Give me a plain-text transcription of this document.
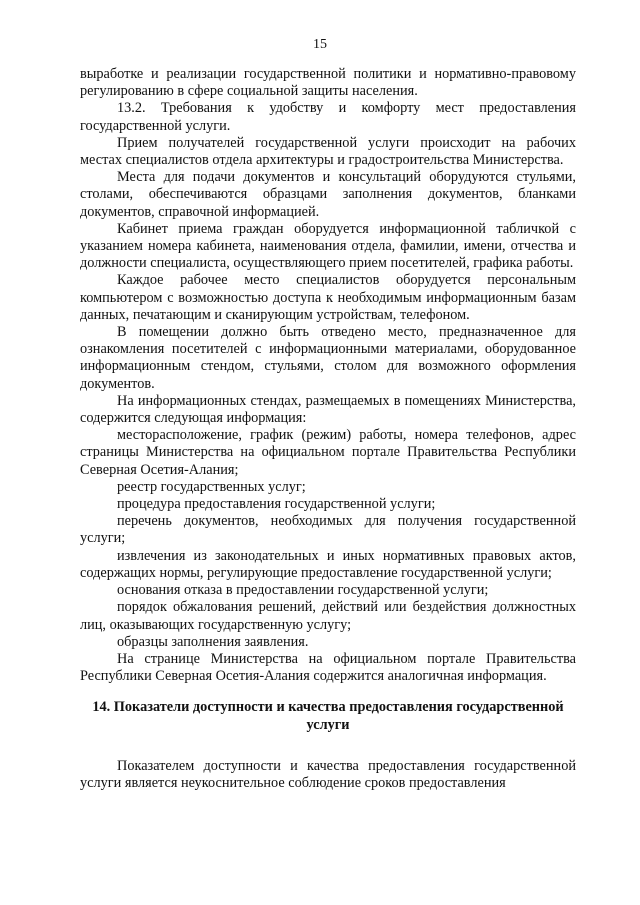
15

выработке и реализации государственной политики и нормативно-правовому регулированию в сфере социальной защиты населения.

13.2. Требования к удобству и комфорту мест предоставления государственной услуги.

Прием получателей государственной услуги происходит на рабочих местах специалистов отдела архитектуры и градостроительства Министерства.

Места для подачи документов и консультаций оборудуются стульями, столами, обеспечиваются образцами заполнения документов, бланками документов, справочной информацией.

Кабинет приема граждан оборудуется информационной табличкой с указанием номера кабинета, наименования отдела, фамилии, имени, отчества и должности специалиста, осуществляющего прием посетителей, графика работы.

Каждое рабочее место специалистов оборудуется персональным компьютером с возможностью доступа к необходимым информационным базам данных, печатающим и сканирующим устройствам, телефоном.

В помещении должно быть отведено место, предназначенное для ознакомления посетителей с информационными материалами, оборудованное информационным стендом, стульями, столом для возможного оформления документов.

На информационных стендах, размещаемых в помещениях Министерства, содержится следующая информация:

месторасположение, график (режим) работы, номера телефонов, адрес страницы Министерства на официальном портале Правительства Республики Северная Осетия-Алания;

реестр государственных услуг;

процедура предоставления государственной услуги;

перечень документов, необходимых для получения государственной услуги;

извлечения из законодательных и иных нормативных правовых актов, содержащих нормы, регулирующие предоставление государственной услуги;

основания отказа в предоставлении государственной услуги;

порядок обжалования решений, действий или бездействия должностных лиц, оказывающих государственную услугу;

образцы заполнения заявления.

На странице Министерства на официальном портале Правительства Республики Северная Осетия-Алания содержится аналогичная информация.

14. Показатели доступности и качества предоставления государственной услуги

Показателем доступности и качества предоставления государственной услуги является неукоснительное соблюдение сроков предоставления
